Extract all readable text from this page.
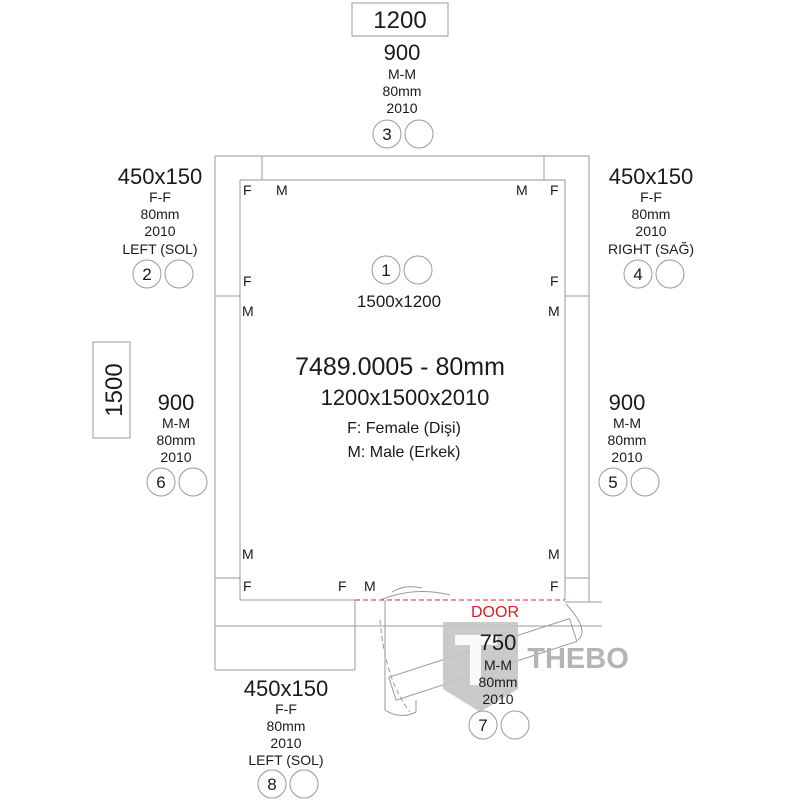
1200
1500
DOOR
F M	M F
F	F
M	M
M	M
F	F M	F
7489.0005 - 80mm
1200x1500x2010
F: Female (Dişi)
M: Male (Erkek)
1
1500x1200
900
M-M
80mm
2010
3
450x150
F-F
80mm
2010
LEFT (SOL)
2
450x150
F-F
80mm
2010
RIGHT (SAĞ)
4
900
M-M
80mm
2010
6
900
M-M
80mm
2010
5
THEBO
750
M-M
80mm
2010
7
450x150
F-F
80mm
2010
LEFT (SOL)
8
